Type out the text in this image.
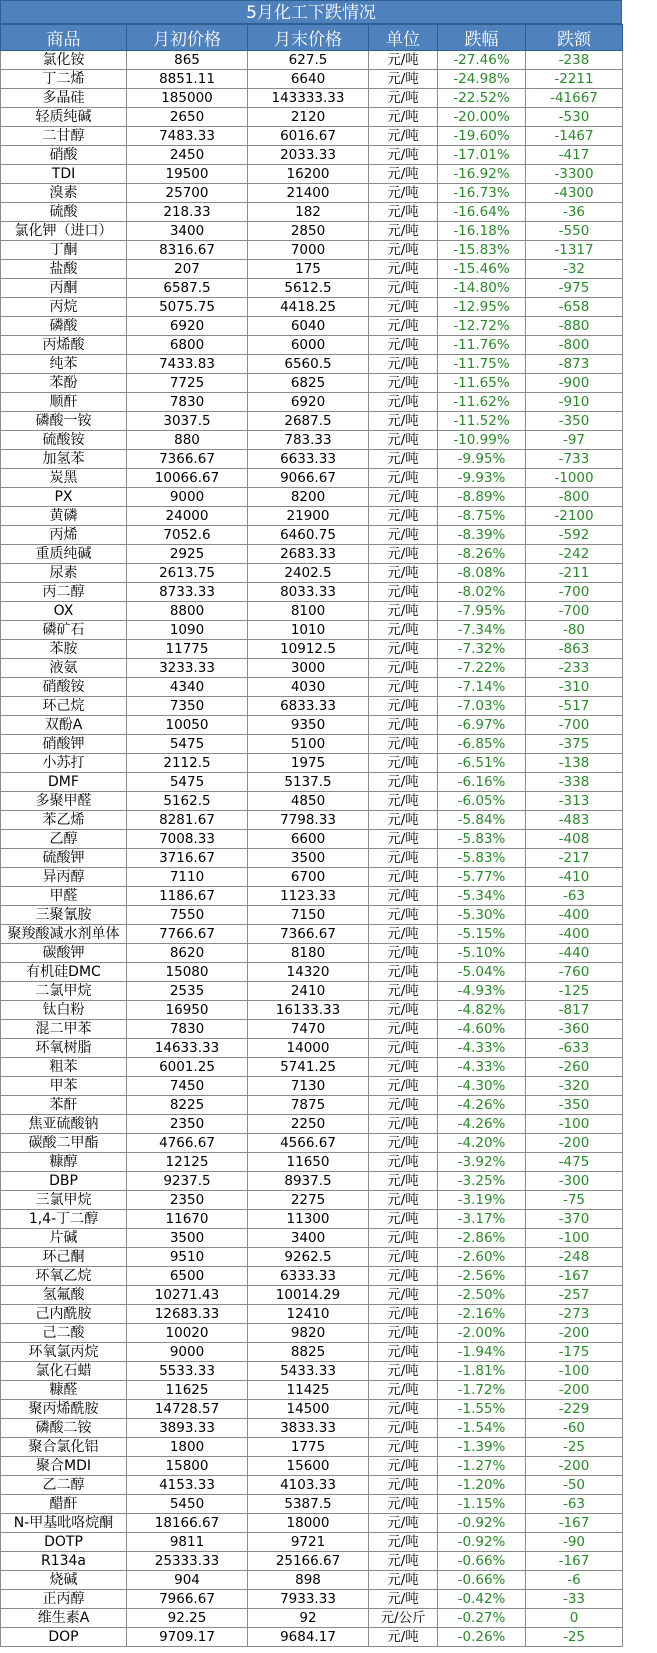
5月化工下跌情况
商品	月初价格	月末价格	单位	跌幅	跌额
氯化铵	865	627.5	元/吨	-27.46%	-238
丁二烯	8851.11	6640	元/吨	-24.98%	-2211
多晶硅	185000	143333.33	元/吨	-22.52%	-41667
轻质纯碱	2650	2120	元/吨	-20.00%	-530
二甘醇	7483.33	6016.67	元/吨	-19.60%	-1467
硝酸	2450	2033.33	元/吨	-17.01%	-417
TDI	19500	16200	元/吨	-16.92%	-3300
溴素	25700	21400	元/吨	-16.73%	-4300
硫酸	218.33	182	元/吨	-16.64%	-36
氯化钾（进口）	3400	2850	元/吨	-16.18%	-550
丁酮	8316.67	7000	元/吨	-15.83%	-1317
盐酸	207	175	元/吨	-15.46%	-32
丙酮	6587.5	5612.5	元/吨	-14.80%	-975
丙烷	5075.75	4418.25	元/吨	-12.95%	-658
磷酸	6920	6040	元/吨	-12.72%	-880
丙烯酸	6800	6000	元/吨	-11.76%	-800
纯苯	7433.83	6560.5	元/吨	-11.75%	-873
苯酚	7725	6825	元/吨	-11.65%	-900
顺酐	7830	6920	元/吨	-11.62%	-910
磷酸一铵	3037.5	2687.5	元/吨	-11.52%	-350
硫酸铵	880	783.33	元/吨	-10.99%	-97
加氢苯	7366.67	6633.33	元/吨	-9.95%	-733
炭黑	10066.67	9066.67	元/吨	-9.93%	-1000
PX	9000	8200	元/吨	-8.89%	-800
黄磷	24000	21900	元/吨	-8.75%	-2100
丙烯	7052.6	6460.75	元/吨	-8.39%	-592
重质纯碱	2925	2683.33	元/吨	-8.26%	-242
尿素	2613.75	2402.5	元/吨	-8.08%	-211
丙二醇	8733.33	8033.33	元/吨	-8.02%	-700
OX	8800	8100	元/吨	-7.95%	-700
磷矿石	1090	1010	元/吨	-7.34%	-80
苯胺	11775	10912.5	元/吨	-7.32%	-863
液氨	3233.33	3000	元/吨	-7.22%	-233
硝酸铵	4340	4030	元/吨	-7.14%	-310
环己烷	7350	6833.33	元/吨	-7.03%	-517
双酚A	10050	9350	元/吨	-6.97%	-700
硝酸钾	5475	5100	元/吨	-6.85%	-375
小苏打	2112.5	1975	元/吨	-6.51%	-138
DMF	5475	5137.5	元/吨	-6.16%	-338
多聚甲醛	5162.5	4850	元/吨	-6.05%	-313
苯乙烯	8281.67	7798.33	元/吨	-5.84%	-483
乙醇	7008.33	6600	元/吨	-5.83%	-408
硫酸钾	3716.67	3500	元/吨	-5.83%	-217
异丙醇	7110	6700	元/吨	-5.77%	-410
甲醛	1186.67	1123.33	元/吨	-5.34%	-63
三聚氰胺	7550	7150	元/吨	-5.30%	-400
聚羧酸减水剂单体	7766.67	7366.67	元/吨	-5.15%	-400
碳酸钾	8620	8180	元/吨	-5.10%	-440
有机硅DMC	15080	14320	元/吨	-5.04%	-760
二氯甲烷	2535	2410	元/吨	-4.93%	-125
钛白粉	16950	16133.33	元/吨	-4.82%	-817
混二甲苯	7830	7470	元/吨	-4.60%	-360
环氧树脂	14633.33	14000	元/吨	-4.33%	-633
粗苯	6001.25	5741.25	元/吨	-4.33%	-260
甲苯	7450	7130	元/吨	-4.30%	-320
苯酐	8225	7875	元/吨	-4.26%	-350
焦亚硫酸钠	2350	2250	元/吨	-4.26%	-100
碳酸二甲酯	4766.67	4566.67	元/吨	-4.20%	-200
糠醇	12125	11650	元/吨	-3.92%	-475
DBP	9237.5	8937.5	元/吨	-3.25%	-300
三氯甲烷	2350	2275	元/吨	-3.19%	-75
1,4-丁二醇	11670	11300	元/吨	-3.17%	-370
片碱	3500	3400	元/吨	-2.86%	-100
环己酮	9510	9262.5	元/吨	-2.60%	-248
环氧乙烷	6500	6333.33	元/吨	-2.56%	-167
氢氟酸	10271.43	10014.29	元/吨	-2.50%	-257
己内酰胺	12683.33	12410	元/吨	-2.16%	-273
己二酸	10020	9820	元/吨	-2.00%	-200
环氧氯丙烷	9000	8825	元/吨	-1.94%	-175
氯化石蜡	5533.33	5433.33	元/吨	-1.81%	-100
糠醛	11625	11425	元/吨	-1.72%	-200
聚丙烯酰胺	14728.57	14500	元/吨	-1.55%	-229
磷酸二铵	3893.33	3833.33	元/吨	-1.54%	-60
聚合氯化铝	1800	1775	元/吨	-1.39%	-25
聚合MDI	15800	15600	元/吨	-1.27%	-200
乙二醇	4153.33	4103.33	元/吨	-1.20%	-50
醋酐	5450	5387.5	元/吨	-1.15%	-63
N-甲基吡咯烷酮	18166.67	18000	元/吨	-0.92%	-167
DOTP	9811	9721	元/吨	-0.92%	-90
R134a	25333.33	25166.67	元/吨	-0.66%	-167
烧碱	904	898	元/吨	-0.66%	-6
正丙醇	7966.67	7933.33	元/吨	-0.42%	-33
维生素A	92.25	92	元/公斤	-0.27%	0
DOP	9709.17	9684.17	元/吨	-0.26%	-25
